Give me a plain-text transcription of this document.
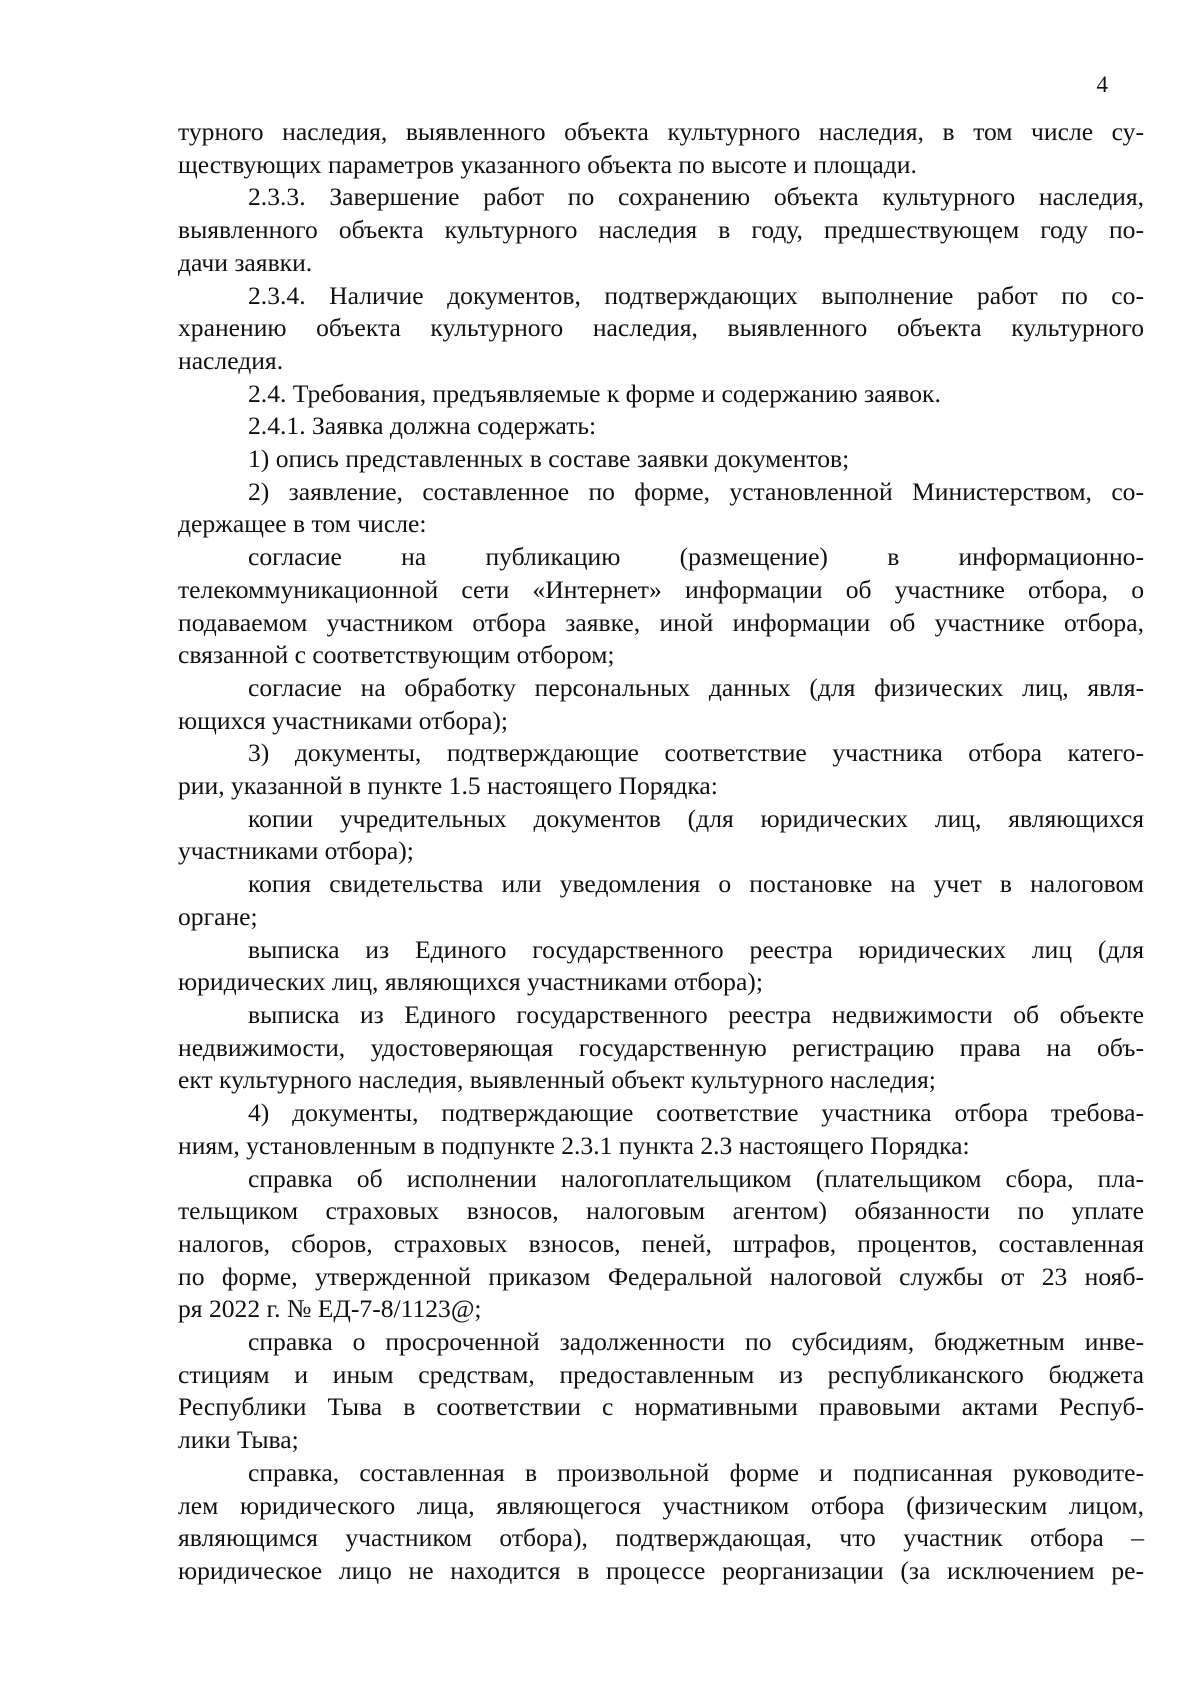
4

турного наследия, выявленного объекта культурного наследия, в том числе су-
ществующих параметров указанного объекта по высоте и площади.

2.3.3. Завершение работ по сохранению объекта культурного наследия,
выявленного объекта культурного наследия в году, предшествующем году по-
дачи заявки.

2.3.4. Наличие документов, подтверждающих выполнение работ по со-
хранению объекта культурного наследия, выявленного объекта культурного
наследия.

2.4. Требования, предъявляемые к форме и содержанию заявок.

2.4.1. Заявка должна содержать:

1) опись представленных в составе заявки документов;

2) заявление, составленное по форме, установленной Министерством, со-
держащее в том числе:

согласие на публикацию (размещение) в информационно-
телекоммуникационной сети «Интернет» информации об участнике отбора, о
подаваемом участником отбора заявке, иной информации об участнике отбора,
связанной с соответствующим отбором;

согласие на обработку персональных данных (для физических лиц, явля-
ющихся участниками отбора);

3) документы, подтверждающие соответствие участника отбора катего-
рии, указанной в пункте 1.5 настоящего Порядка:

копии учредительных документов (для юридических лиц, являющихся
участниками отбора);

копия свидетельства или уведомления о постановке на учет в налоговом
органе;

выписка из Единого государственного реестра юридических лиц (для
юридических лиц, являющихся участниками отбора);

выписка из Единого государственного реестра недвижимости об объекте
недвижимости, удостоверяющая государственную регистрацию права на объ-
ект культурного наследия, выявленный объект культурного наследия;

4) документы, подтверждающие соответствие участника отбора требова-
ниям, установленным в подпункте 2.3.1 пункта 2.3 настоящего Порядка:

справка об исполнении налогоплательщиком (плательщиком сбора, пла-
тельщиком страховых взносов, налоговым агентом) обязанности по уплате
налогов, сборов, страховых взносов, пеней, штрафов, процентов, составленная
по форме, утвержденной приказом Федеральной налоговой службы от 23 нояб-
ря 2022 г. № ЕД-7-8/1123@;

справка о просроченной задолженности по субсидиям, бюджетным инве-
стициям и иным средствам, предоставленным из республиканского бюджета
Республики Тыва в соответствии с нормативными правовыми актами Респуб-
лики Тыва;

справка, составленная в произвольной форме и подписанная руководите-
лем юридического лица, являющегося участником отбора (физическим лицом,
являющимся участником отбора), подтверждающая, что участник отбора –
юридическое лицо не находится в процессе реорганизации (за исключением ре-
